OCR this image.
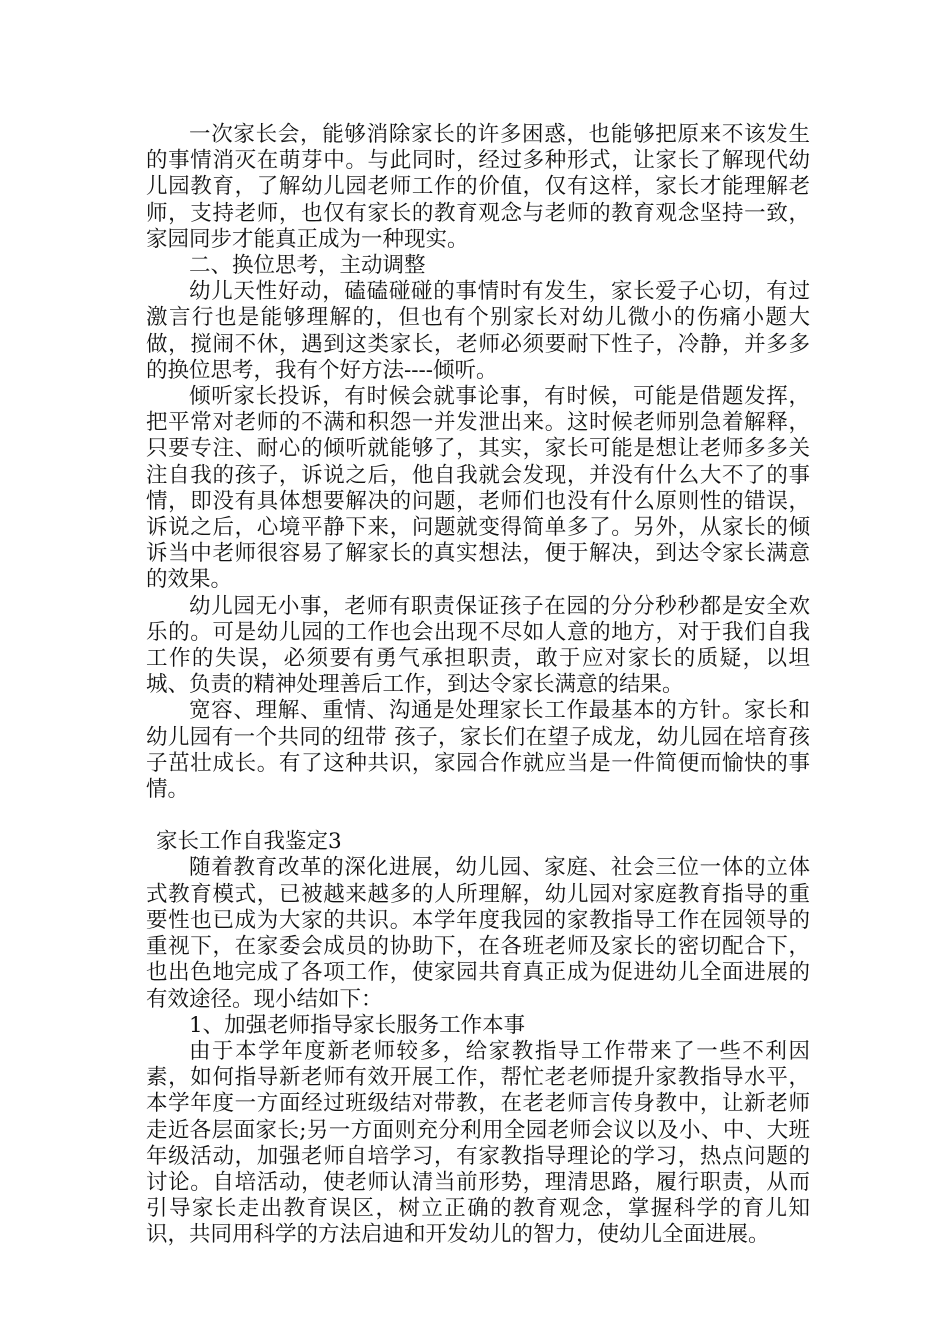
一次家长会，能够消除家长的许多困惑，也能够把原来不该发生的事情消灭在萌芽中。与此同时，经过多种形式，让家长了解现代幼儿园教育，了解幼儿园老师工作的价值，仅有这样，家长才能理解老师，支持老师，也仅有家长的教育观念与老师的教育观念坚持一致，家园同步才能真正成为一种现实。

二、换位思考，主动调整

幼儿天性好动，磕磕碰碰的事情时有发生，家长爱子心切，有过激言行也是能够理解的，但也有个别家长对幼儿微小的伤痛小题大做，搅闹不休，遇到这类家长，老师必须要耐下性子，冷静，并多多的换位思考，我有个好方法----倾听。

倾听家长投诉，有时候会就事论事，有时候，可能是借题发挥，把平常对老师的不满和积怨一并发泄出来。这时候老师别急着解释，只要专注、耐心的倾听就能够了，其实，家长可能是想让老师多多关注自我的孩子，诉说之后，他自我就会发现，并没有什么大不了的事情，即没有具体想要解决的问题，老师们也没有什么原则性的错误，诉说之后，心境平静下来，问题就变得简单多了。另外，从家长的倾诉当中老师很容易了解家长的真实想法，便于解决，到达令家长满意的效果。

幼儿园无小事，老师有职责保证孩子在园的分分秒秒都是安全欢乐的。可是幼儿园的工作也会出现不尽如人意的地方，对于我们自我工作的失误，必须要有勇气承担职责，敢于应对家长的质疑，以坦城、负责的精神处理善后工作，到达令家长满意的结果。

宽容、理解、重情、沟通是处理家长工作最基本的方针。家长和幼儿园有一个共同的纽带 孩子，家长们在望子成龙，幼儿园在培育孩子茁壮成长。有了这种共识，家园合作就应当是一件简便而愉快的事情。

家长工作自我鉴定3

随着教育改革的深化进展，幼儿园、家庭、社会三位一体的立体式教育模式，已被越来越多的人所理解，幼儿园对家庭教育指导的重要性也已成为大家的共识。本学年度我园的家教指导工作在园领导的重视下，在家委会成员的协助下，在各班老师及家长的密切配合下，也出色地完成了各项工作，使家园共育真正成为促进幼儿全面进展的有效途径。现小结如下：

1、加强老师指导家长服务工作本事

由于本学年度新老师较多，给家教指导工作带来了一些不利因素，如何指导新老师有效开展工作，帮忙老老师提升家教指导水平，本学年度一方面经过班级结对带教，在老老师言传身教中，让新老师走近各层面家长;另一方面则充分利用全园老师会议以及小、中、大班年级活动，加强老师自培学习，有家教指导理论的学习，热点问题的讨论。自培活动，使老师认清当前形势，理清思路，履行职责，从而引导家长走出教育误区，树立正确的教育观念，掌握科学的育儿知识，共同用科学的方法启迪和开发幼儿的智力，使幼儿全面进展。
